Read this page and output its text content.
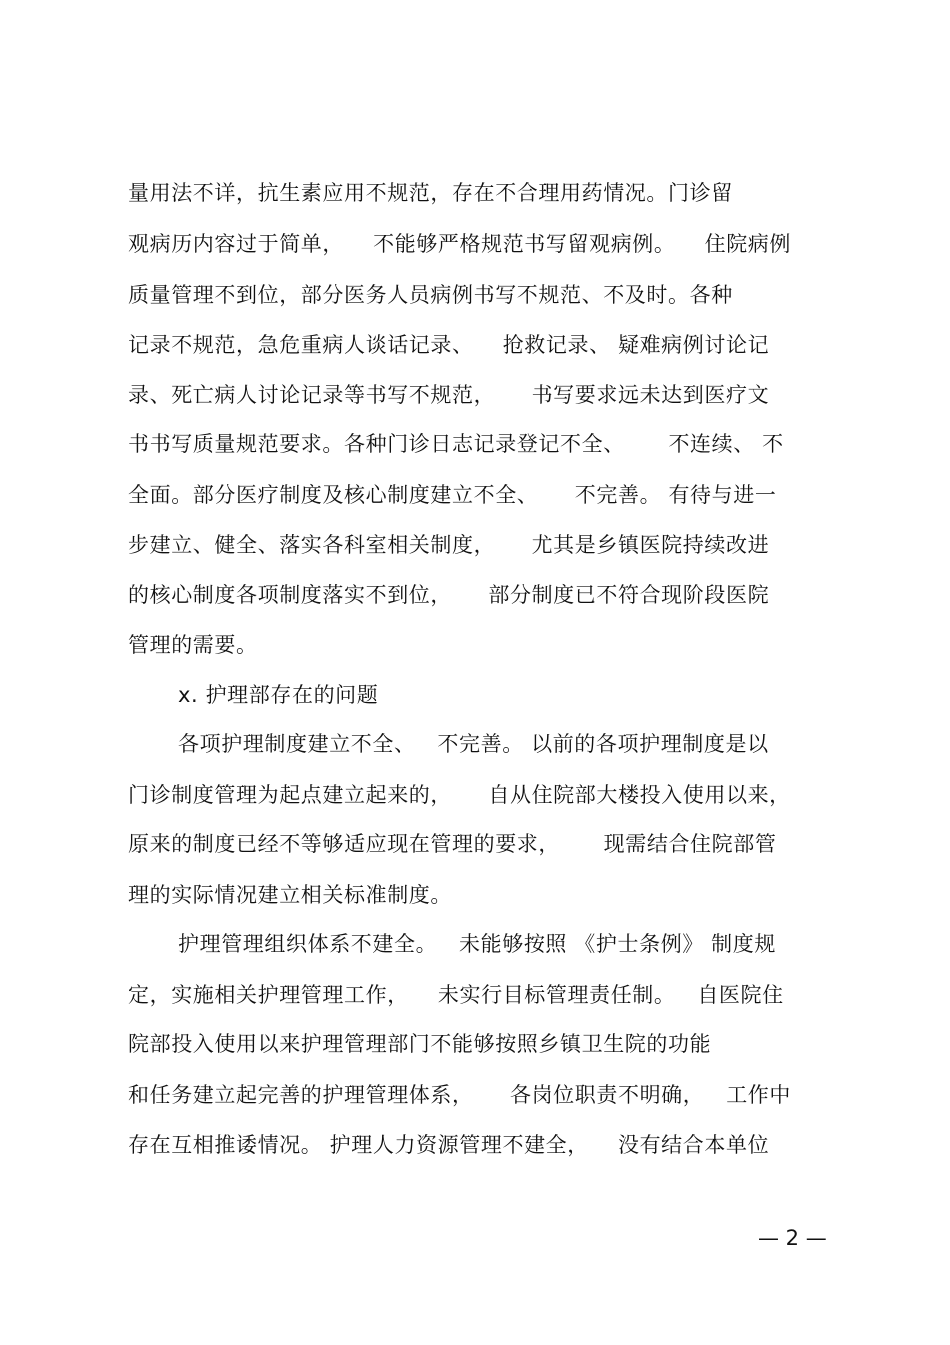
量用法不详，抗生素应用不规范，存在不合理用药情况。门诊留
观病历内容过于简单，    不能够严格规范书写留观病例。    住院病例
质量管理不到位，部分医务人员病例书写不规范、不及时。各种
记录不规范，急危重病人谈话记录、    抢救记录、 疑难病例讨论记
录、死亡病人讨论记录等书写不规范，     书写要求远未达到医疗文
书书写质量规范要求。各种门诊日志记录登记不全、      不连续、 不
全面。部分医疗制度及核心制度建立不全、     不完善。 有待与进一
步建立、健全、落实各科室相关制度，     尤其是乡镇医院持续改进
的核心制度各项制度落实不到位，     部分制度已不符合现阶段医院
管理的需要。
x. 护理部存在的问题
各项护理制度建立不全、   不完善。 以前的各项护理制度是以
门诊制度管理为起点建立起来的，     自从住院部大楼投入使用以来，
原来的制度已经不等够适应现在管理的要求，      现需结合住院部管
理的实际情况建立相关标准制度。
护理管理组织体系不建全。   未能够按照 《护士条例》 制度规
定，实施相关护理管理工作，    未实行目标管理责任制。   自医院住
院部投入使用以来护理管理部门不能够按照乡镇卫生院的功能
和任务建立起完善的护理管理体系，     各岗位职责不明确，   工作中
存在互相推诿情况。 护理人力资源管理不建全，    没有结合本单位
— 2 —
